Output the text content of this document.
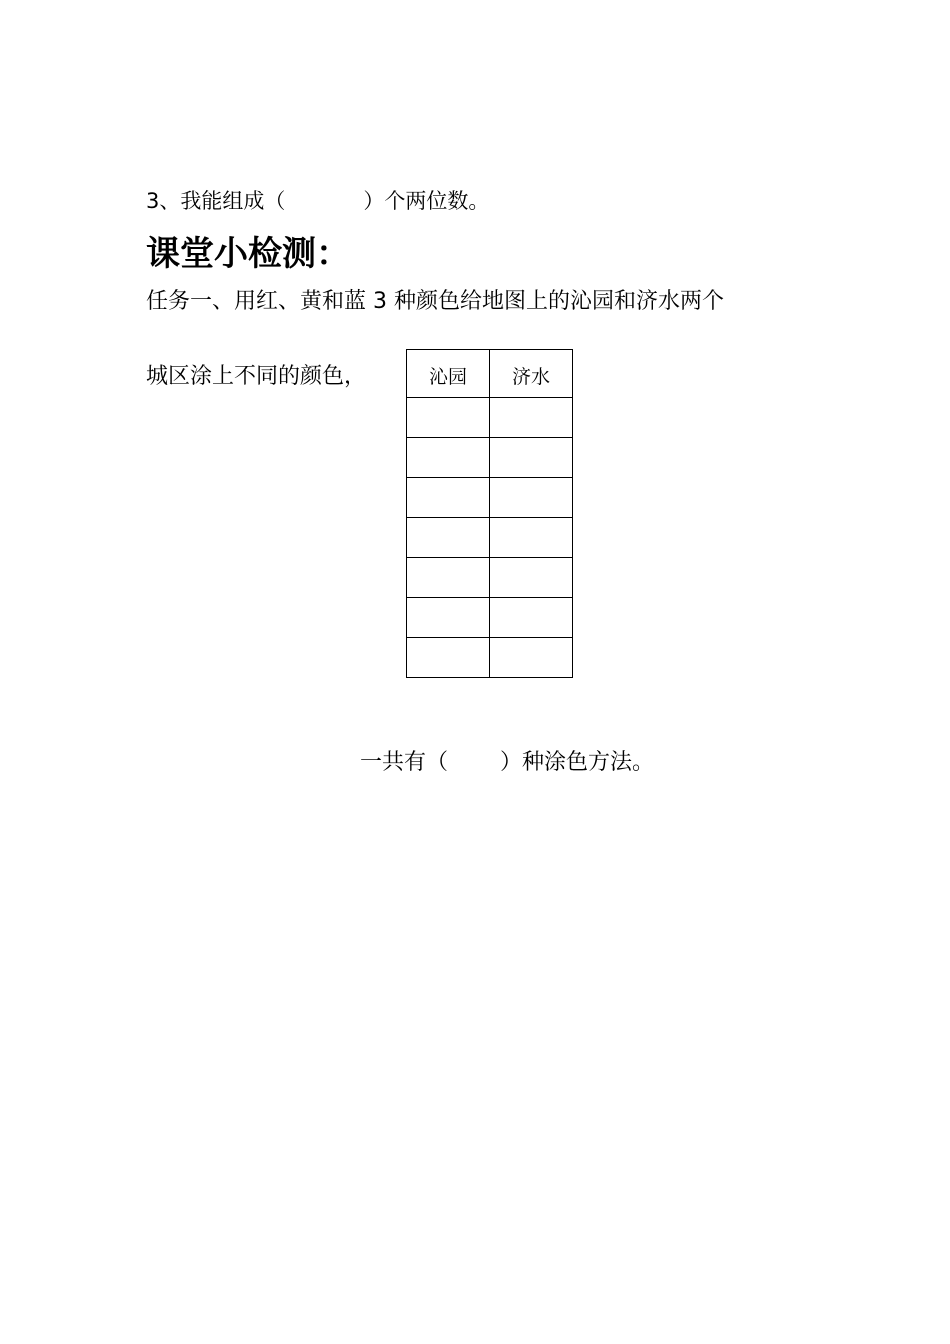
3、我能组成（	）个两位数。
课堂小检测：
任务一、用红、黄和蓝 3 种颜色给地图上的沁园和济水两个
城区涂上不同的颜色，	沁园	济水

一共有（ ）种涂色方法。
